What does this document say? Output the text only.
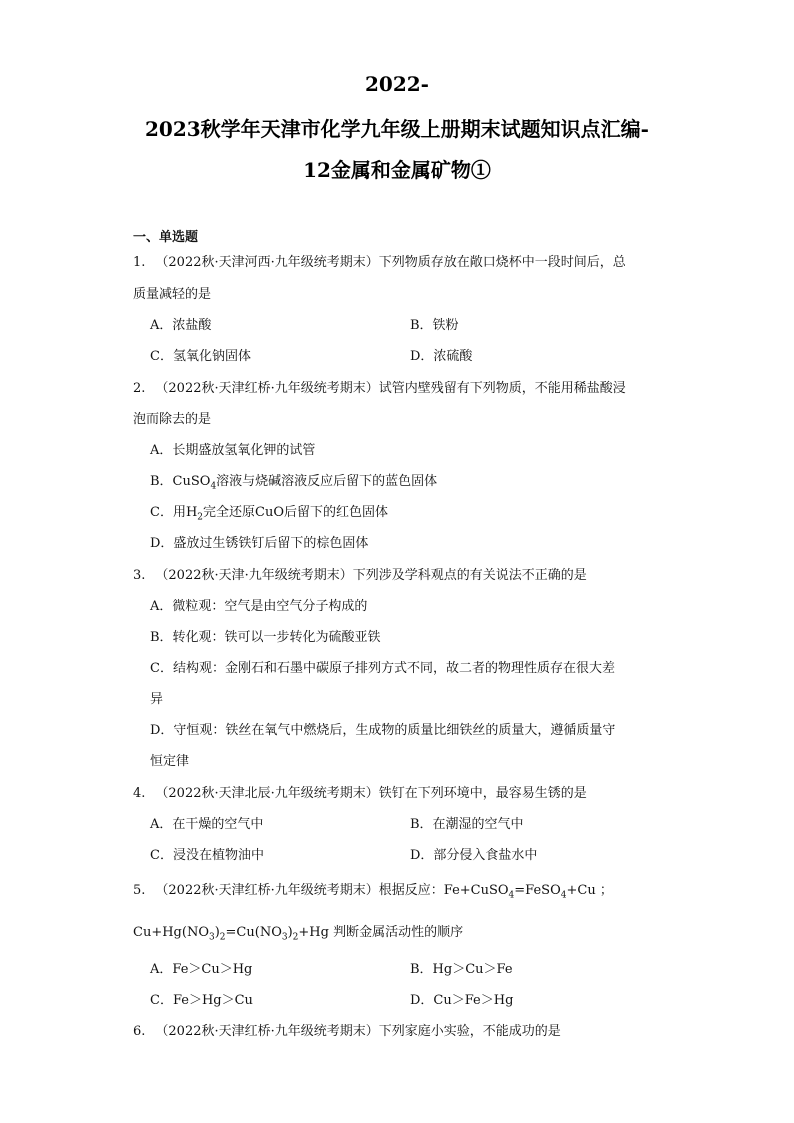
2022-
2023秋学年天津市化学九年级上册期末试题知识点汇编-
12金属和金属矿物①
一、单选题
1. （2022秋·天津河西·九年级统考期末）下列物质存放在敞口烧杯中一段时间后，总
质量减轻的是
A．浓盐酸	B．铁粉
C．氢氧化钠固体	D．浓硫酸
2. （2022秋·天津红桥·九年级统考期末）试管内壁残留有下列物质，不能用稀盐酸浸
泡而除去的是
A．长期盛放氢氧化钾的试管
B．CuSO$_4$溶液与烧碱溶液反应后留下的蓝色固体
C．用$H_2$完全还原CuO后留下的红色固体
D．盛放过生锈铁钉后留下的棕色固体
3. （2022秋·天津·九年级统考期末）下列涉及学科观点的有关说法不正确的是
A．微粒观：空气是由空气分子构成的
B．转化观：铁可以一步转化为硫酸亚铁
C．结构观：金刚石和石墨中碳原子排列方式不同，故二者的物理性质存在很大差
异
D．守恒观：铁丝在氧气中燃烧后，生成物的质量比细铁丝的质量大，遵循质量守
恒定律
4. （2022秋·天津北辰·九年级统考期末）铁钉在下列环境中，最容易生锈的是
A．在干燥的空气中	B．在潮湿的空气中
C．浸没在植物油中	D．部分侵入食盐水中
5. （2022秋·天津红桥·九年级统考期末）根据反应：Fe+CuSO$_4$=FeSO$_4$+Cu ；
$Cu+Hg(NO_3)_2=Cu(NO_3)_2+Hg$ 判断金属活动性的顺序
A．Fe＞Cu＞Hg	B．Hg＞Cu＞Fe
C．Fe＞Hg＞Cu	D．Cu＞Fe＞Hg
6. （2022秋·天津红桥·九年级统考期末）下列家庭小实验，不能成功的是
